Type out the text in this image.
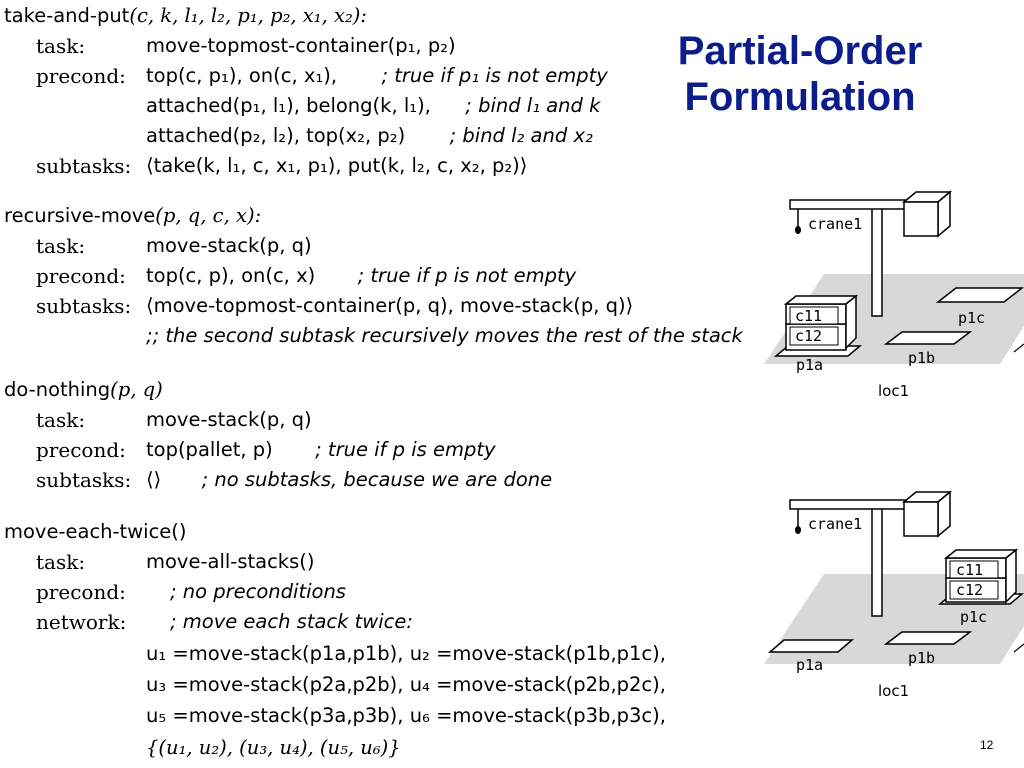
Partial-Order
Formulation
take-and-put(c, k, l₁, l₂, p₁, p₂, x₁, x₂):
task:	move-topmost-container(p₁, p₂)
precond:	top(c, p₁), on(c, x₁), ; true if p₁ is not empty
attached(p₁, l₁), belong(k, l₁), ; bind l₁ and k
attached(p₂, l₂), top(x₂, p₂) ; bind l₂ and x₂
subtasks: ⟨take(k, l₁, c, x₁, p₁), put(k, l₂, c, x₂, p₂)⟩
recursive-move(p, q, c, x):
task:	move-stack(p, q)
precond:	top(c, p), on(c, x) ; true if p is not empty
subtasks: ⟨move-topmost-container(p, q), move-stack(p, q)⟩
;; the second subtask recursively moves the rest of the stack
do-nothing(p, q)
task:	move-stack(p, q)
precond:	top(pallet, p) ; true if p is empty
subtasks: ⟨⟩ ; no subtasks, because we are done
move-each-twice()
task:	move-all-stacks()
precond:	; no preconditions
network:	; move each stack twice:
u₁ =move-stack(p1a,p1b), u₂ =move-stack(p1b,p1c),
u₃ =move-stack(p2a,p2b), u₄ =move-stack(p2b,p2c),
u₅ =move-stack(p3a,p3b), u₆ =move-stack(p3b,p3c),
{(u₁, u₂), (u₃, u₄), (u₅, u₆)}
crane1
p1c
p1b
c11
c12
p1a
loc1
crane1
c11
c12
p1c
p1b
p1a
loc1
12
